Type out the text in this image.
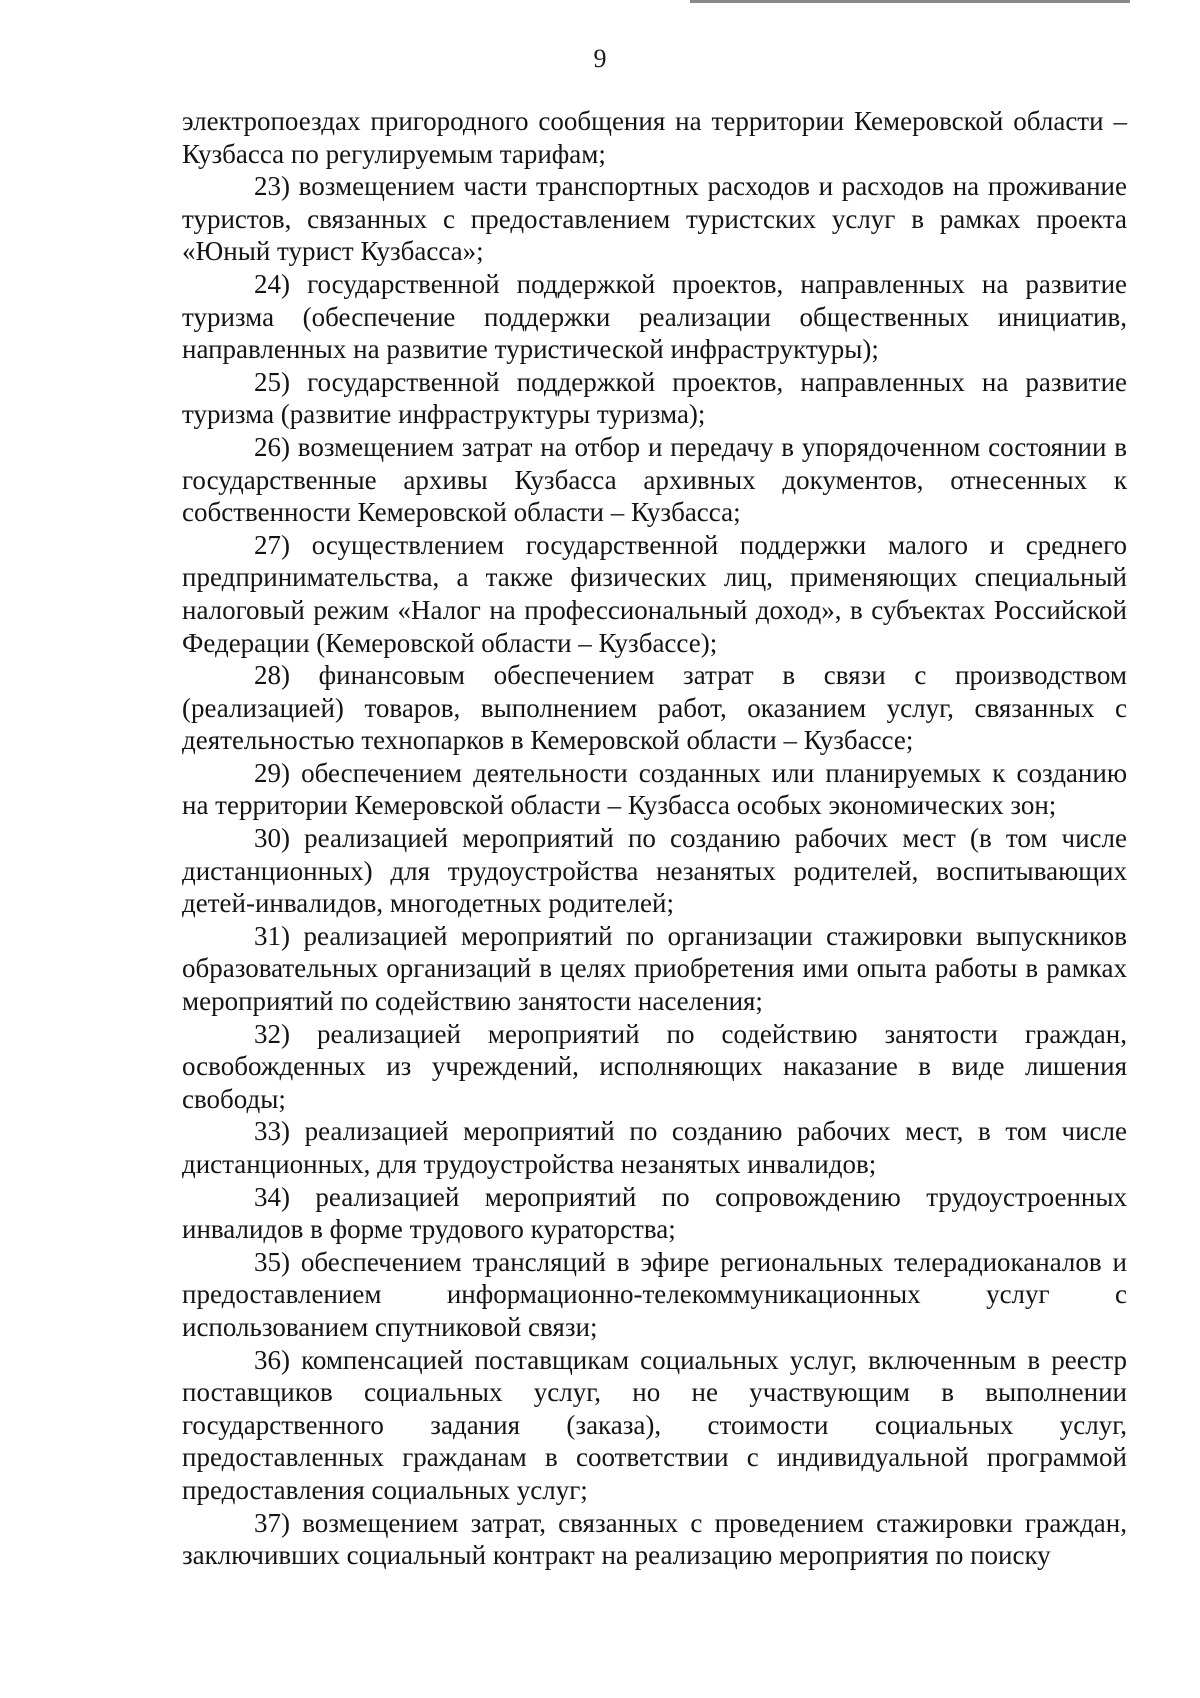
9

электропоездах пригородного сообщения на территории Кемеровской области – Кузбасса по регулируемым тарифам;

23) возмещением части транспортных расходов и расходов на проживание туристов, связанных с предоставлением туристских услуг в рамках проекта «Юный турист Кузбасса»;

24) государственной поддержкой проектов, направленных на развитие туризма (обеспечение поддержки реализации общественных инициатив, направленных на развитие туристической инфраструктуры);

25) государственной поддержкой проектов, направленных на развитие туризма (развитие инфраструктуры туризма);

26) возмещением затрат на отбор и передачу в упорядоченном состоянии в государственные архивы Кузбасса архивных документов, отнесенных к собственности Кемеровской области – Кузбасса;

27) осуществлением государственной поддержки малого и среднего предпринимательства, а также физических лиц, применяющих специальный налоговый режим «Налог на профессиональный доход», в субъектах Российской Федерации (Кемеровской области – Кузбассе);

28) финансовым обеспечением затрат в связи с производством (реализацией) товаров, выполнением работ, оказанием услуг, связанных с деятельностью технопарков в Кемеровской области – Кузбассе;

29) обеспечением деятельности созданных или планируемых к созданию на территории Кемеровской области – Кузбасса особых экономических зон;

30) реализацией мероприятий по созданию рабочих мест (в том числе дистанционных) для трудоустройства незанятых родителей, воспитывающих детей-инвалидов, многодетных родителей;

31) реализацией мероприятий по организации стажировки выпускников образовательных организаций в целях приобретения ими опыта работы в рамках мероприятий по содействию занятости населения;

32) реализацией мероприятий по содействию занятости граждан, освобожденных из учреждений, исполняющих наказание в виде лишения свободы;

33) реализацией мероприятий по созданию рабочих мест, в том числе дистанционных, для трудоустройства незанятых инвалидов;

34) реализацией мероприятий по сопровождению трудоустроенных инвалидов в форме трудового кураторства;

35) обеспечением трансляций в эфире региональных телерадиоканалов и предоставлением информационно-телекоммуникационных услуг с использованием спутниковой связи;

36) компенсацией поставщикам социальных услуг, включенным в реестр поставщиков социальных услуг, но не участвующим в выполнении государственного задания (заказа), стоимости социальных услуг, предоставленных гражданам в соответствии с индивидуальной программой предоставления социальных услуг;

37) возмещением затрат, связанных с проведением стажировки граждан, заключивших социальный контракт на реализацию мероприятия по поиску
